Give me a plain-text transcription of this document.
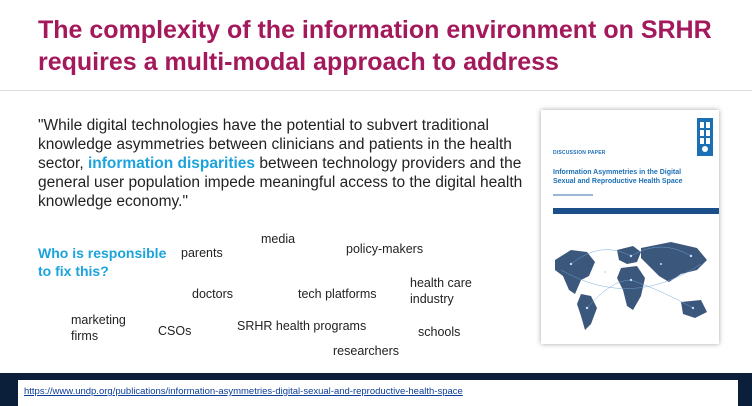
The complexity of the information environment on SRHR
requires a multi-modal approach to address

"While digital technologies have the potential to subvert traditional knowledge asymmetries between clinicians and patients in the health sector, information disparities between technology providers and the general user population impede meaningful access to the digital health knowledge economy."

Who is responsible to fix this?
media
parents	policy-makers
health care industry
doctors	tech platforms
marketing firms	CSOs	SRHR health programs	schools
researchers
DISCUSSION PAPER
Information Asymmetries in the Digital Sexual and Reproductive Health Space
https://www.undp.org/publications/information-asymmetries-digital-sexual-and-reproductive-health-space
